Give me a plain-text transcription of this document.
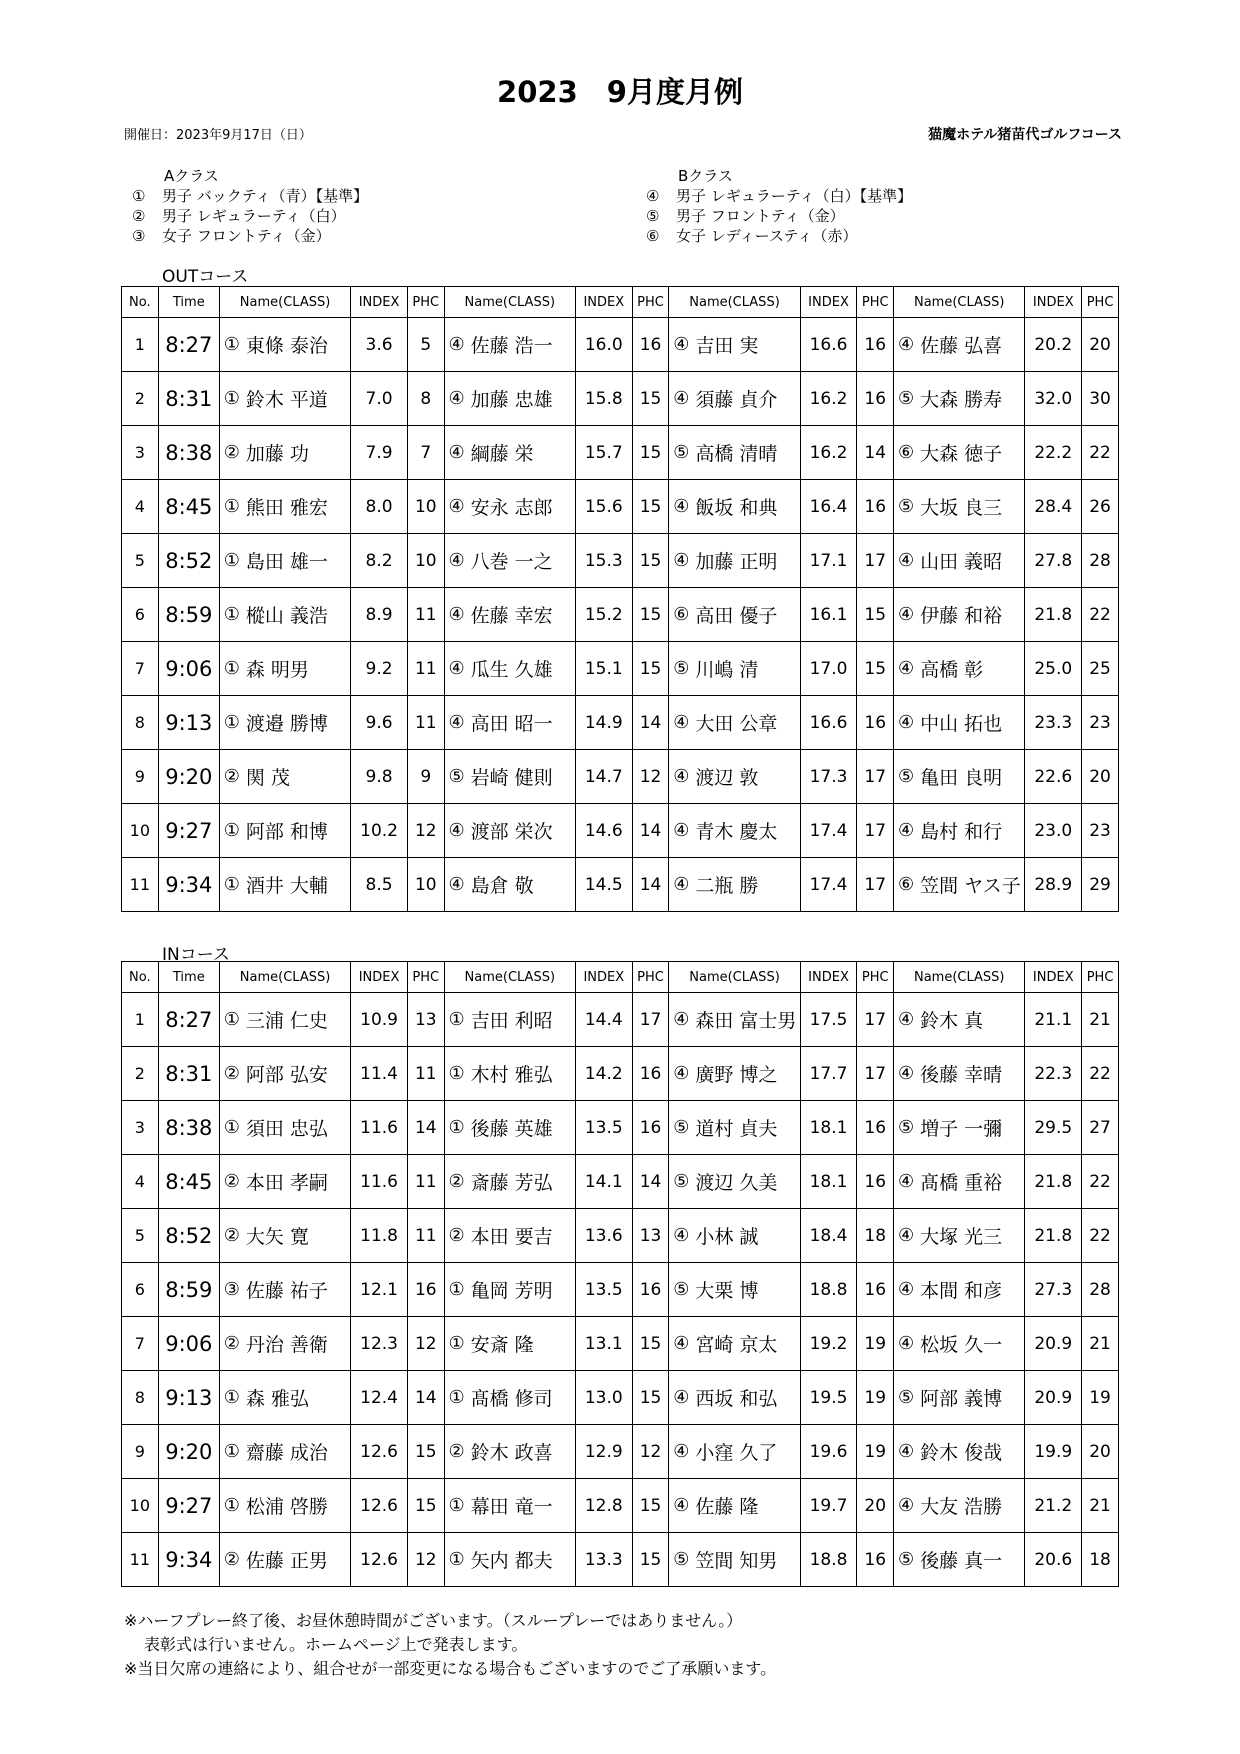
2023　9月度月例
開催日：2023年9月17日（日）	猫魔ホテル猪苗代ゴルフコース
Aクラス
①	男子 バックティ（青）【基準】
②	男子 レギュラーティ（白）
③	女子 フロントティ（金）
Bクラス
④	男子 レギュラーティ（白）【基準】
⑤	男子 フロントティ（金）
⑥	女子 レディースティ（赤）
OUTコース
No.	Time	Name(CLASS)		INDEX	PHC	Name(CLASS)		INDEX	PHC	Name(CLASS)		INDEX	PHC	Name(CLASS)		INDEX	PHC
1	8:27	①	東條 泰治	3.6	5	④	佐藤 浩一	16.0	16	④	吉田 実	16.6	16	④	佐藤 弘喜	20.2	20
2	8:31	①	鈴木 平道	7.0	8	④	加藤 忠雄	15.8	15	④	須藤 貞介	16.2	16	⑤	大森 勝寿	32.0	30
3	8:38	②	加藤 功	7.9	7	④	綱藤 栄	15.7	15	⑤	高橋 清晴	16.2	14	⑥	大森 徳子	22.2	22
4	8:45	①	熊田 雅宏	8.0	10	④	安永 志郎	15.6	15	④	飯坂 和典	16.4	16	⑤	大坂 良三	28.4	26
5	8:52	①	島田 雄一	8.2	10	④	八巻 一之	15.3	15	④	加藤 正明	17.1	17	④	山田 義昭	27.8	28
6	8:59	①	樅山 義浩	8.9	11	④	佐藤 幸宏	15.2	15	⑥	高田 優子	16.1	15	④	伊藤 和裕	21.8	22
7	9:06	①	森 明男	9.2	11	④	瓜生 久雄	15.1	15	⑤	川嶋 清	17.0	15	④	高橋 彰	25.0	25
8	9:13	①	渡邉 勝博	9.6	11	④	高田 昭一	14.9	14	④	大田 公章	16.6	16	④	中山 拓也	23.3	23
9	9:20	②	関 茂	9.8	9	⑤	岩崎 健則	14.7	12	④	渡辺 敦	17.3	17	⑤	亀田 良明	22.6	20
10	9:27	①	阿部 和博	10.2	12	④	渡部 栄次	14.6	14	④	青木 慶太	17.4	17	④	島村 和行	23.0	23
11	9:34	①	酒井 大輔	8.5	10	④	島倉 敬	14.5	14	④	二瓶 勝	17.4	17	⑥	笠間 ヤス子	28.9	29
INコース
No.	Time	Name(CLASS)		INDEX	PHC	Name(CLASS)		INDEX	PHC	Name(CLASS)		INDEX	PHC	Name(CLASS)		INDEX	PHC
1	8:27	①	三浦 仁史	10.9	13	①	吉田 利昭	14.4	17	④	森田 富士男	17.5	17	④	鈴木 真	21.1	21
2	8:31	②	阿部 弘安	11.4	11	①	木村 雅弘	14.2	16	④	廣野 博之	17.7	17	④	後藤 幸晴	22.3	22
3	8:38	①	須田 忠弘	11.6	14	①	後藤 英雄	13.5	16	⑤	道村 貞夫	18.1	16	⑤	増子 一彌	29.5	27
4	8:45	②	本田 孝嗣	11.6	11	②	斎藤 芳弘	14.1	14	⑤	渡辺 久美	18.1	16	④	髙橋 重裕	21.8	22
5	8:52	②	大矢 寛	11.8	11	②	本田 要吉	13.6	13	④	小林 誠	18.4	18	④	大塚 光三	21.8	22
6	8:59	③	佐藤 祐子	12.1	16	①	亀岡 芳明	13.5	16	⑤	大栗 博	18.8	16	④	本間 和彦	27.3	28
7	9:06	②	丹治 善衛	12.3	12	①	安斎 隆	13.1	15	④	宮崎 京太	19.2	19	④	松坂 久一	20.9	21
8	9:13	①	森 雅弘	12.4	14	①	髙橋 修司	13.0	15	④	西坂 和弘	19.5	19	⑤	阿部 義博	20.9	19
9	9:20	①	齋藤 成治	12.6	15	②	鈴木 政喜	12.9	12	④	小窪 久了	19.6	19	④	鈴木 俊哉	19.9	20
10	9:27	①	松浦 啓勝	12.6	15	①	幕田 竜一	12.8	15	④	佐藤 隆	19.7	20	④	大友 浩勝	21.2	21
11	9:34	②	佐藤 正男	12.6	12	①	矢内 都夫	13.3	15	⑤	笠間 知男	18.8	16	⑤	後藤 真一	20.6	18
※ハーフプレー終了後、お昼休憩時間がございます。（スループレーではありません。）
表彰式は行いません。ホームページ上で発表します。
※当日欠席の連絡により、組合せが一部変更になる場合もございますのでご了承願います。
